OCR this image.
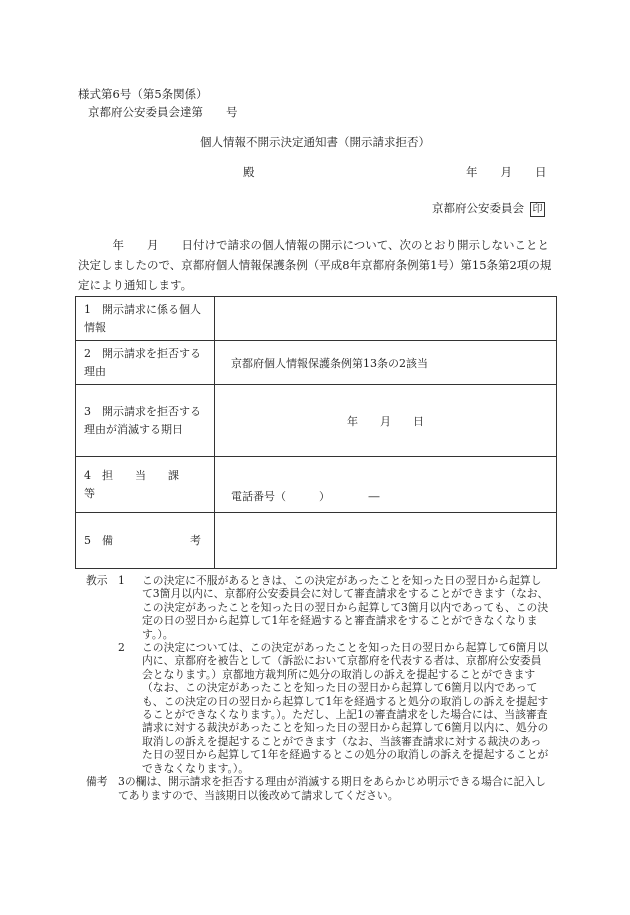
様式第6号（第5条関係）
京都府公安委員会達第　　号
個人情報不開示決定通知書（開示請求拒否）
殿	年　　月　　日
京都府公安委員会 印
　　　年　　月　　日付けで請求の個人情報の開示について、次のとおり開示しないことと決定しましたので、京都府個人情報保護条例（平成8年京都府条例第1号）第15条第2項の規定により通知します。
1　開示請求に係る個人情報	
2　開示請求を拒否する理由	京都府個人情報保護条例第13条の2該当
3　開示請求を拒否する理由が消滅する期日	年　　月　　日
4　担　　当　　課　　等	電話番号（　　　）　　　　―
5　備　　　　　　　考	
教示 1	この決定に不服があるときは、この決定があったことを知った日の翌日から起算して3箇月以内に、京都府公安委員会に対して審査請求をすることができます（なお、この決定があったことを知った日の翌日から起算して3箇月以内であっても、この決定の日の翌日から起算して1年を経過すると審査請求をすることができなくなります。）。
2	この決定については、この決定があったことを知った日の翌日から起算して6箇月以内に、京都府を被告として（訴訟において京都府を代表する者は、京都府公安委員会となります。）京都地方裁判所に処分の取消しの訴えを提起することができます（なお、この決定があったことを知った日の翌日から起算して6箇月以内であっても、この決定の日の翌日から起算して1年を経過すると処分の取消しの訴えを提起することができなくなります。）。ただし、上記1の審査請求をした場合には、当該審査請求に対する裁決があったことを知った日の翌日から起算して6箇月以内に、処分の取消しの訴えを提起することができます（なお、当該審査請求に対する裁決のあった日の翌日から起算して1年を経過するとこの処分の取消しの訴えを提起することができなくなります。）。
備考 3の欄は、開示請求を拒否する理由が消滅する期日をあらかじめ明示できる場合に記入してありますので、当該期日以後改めて請求してください。
